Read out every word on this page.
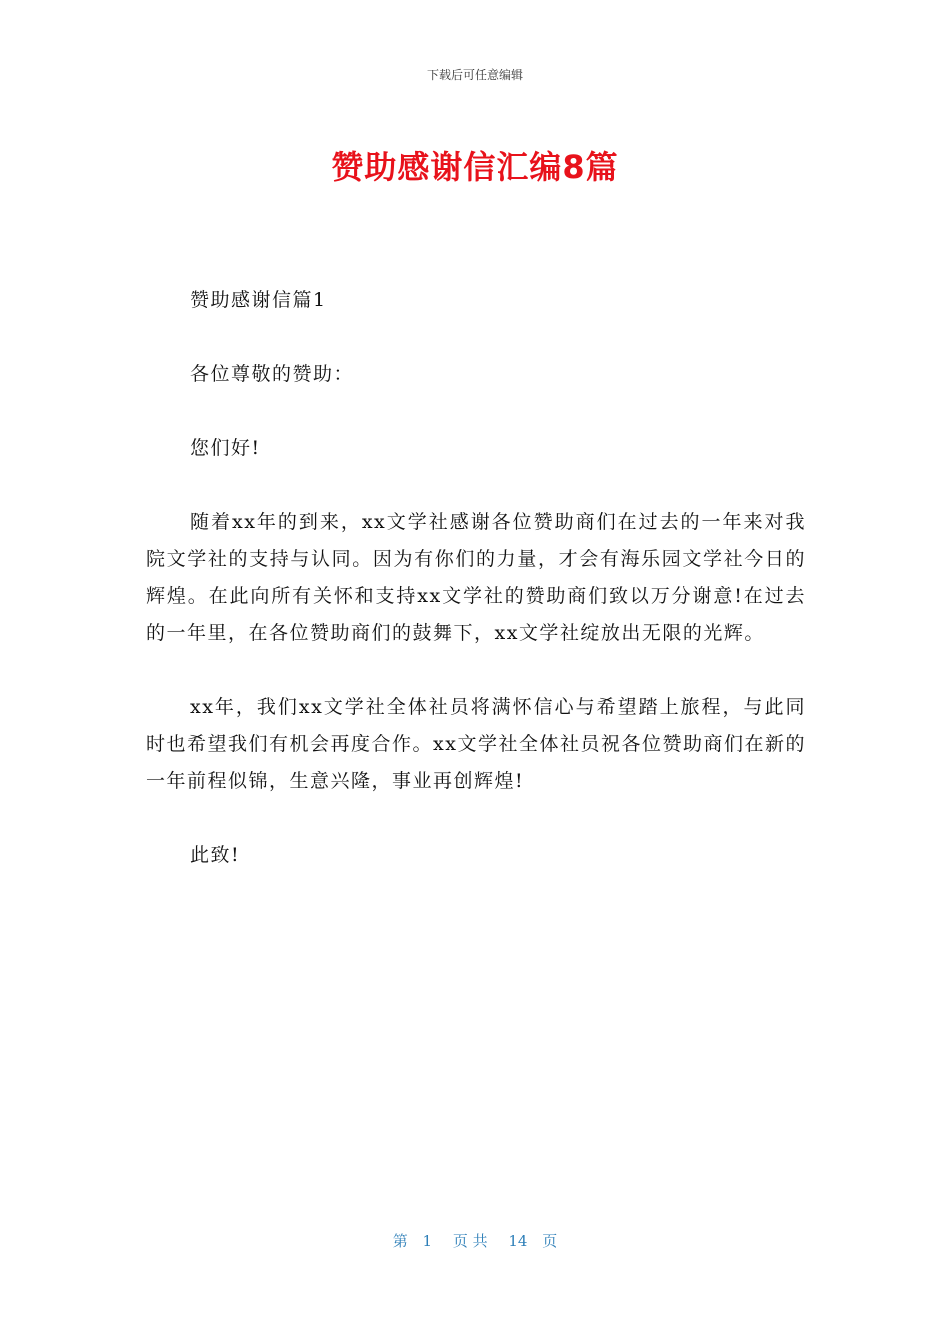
下载后可任意编辑
赞助感谢信汇编8篇

赞助感谢信篇1

各位尊敬的赞助：

您们好!

随着xx年的到来，xx文学社感谢各位赞助商们在过去的一年来对我院文学社的支持与认同。因为有你们的力量，才会有海乐园文学社今日的辉煌。在此向所有关怀和支持xx文学社的赞助商们致以万分谢意!在过去的一年里，在各位赞助商们的鼓舞下，xx文学社绽放出无限的光辉。

xx年，我们xx文学社全体社员将满怀信心与希望踏上旅程，与此同时也希望我们有机会再度合作。xx文学社全体社员祝各位赞助商们在新的一年前程似锦，生意兴隆，事业再创辉煌!

此致!

第 1 页 共 14 页
